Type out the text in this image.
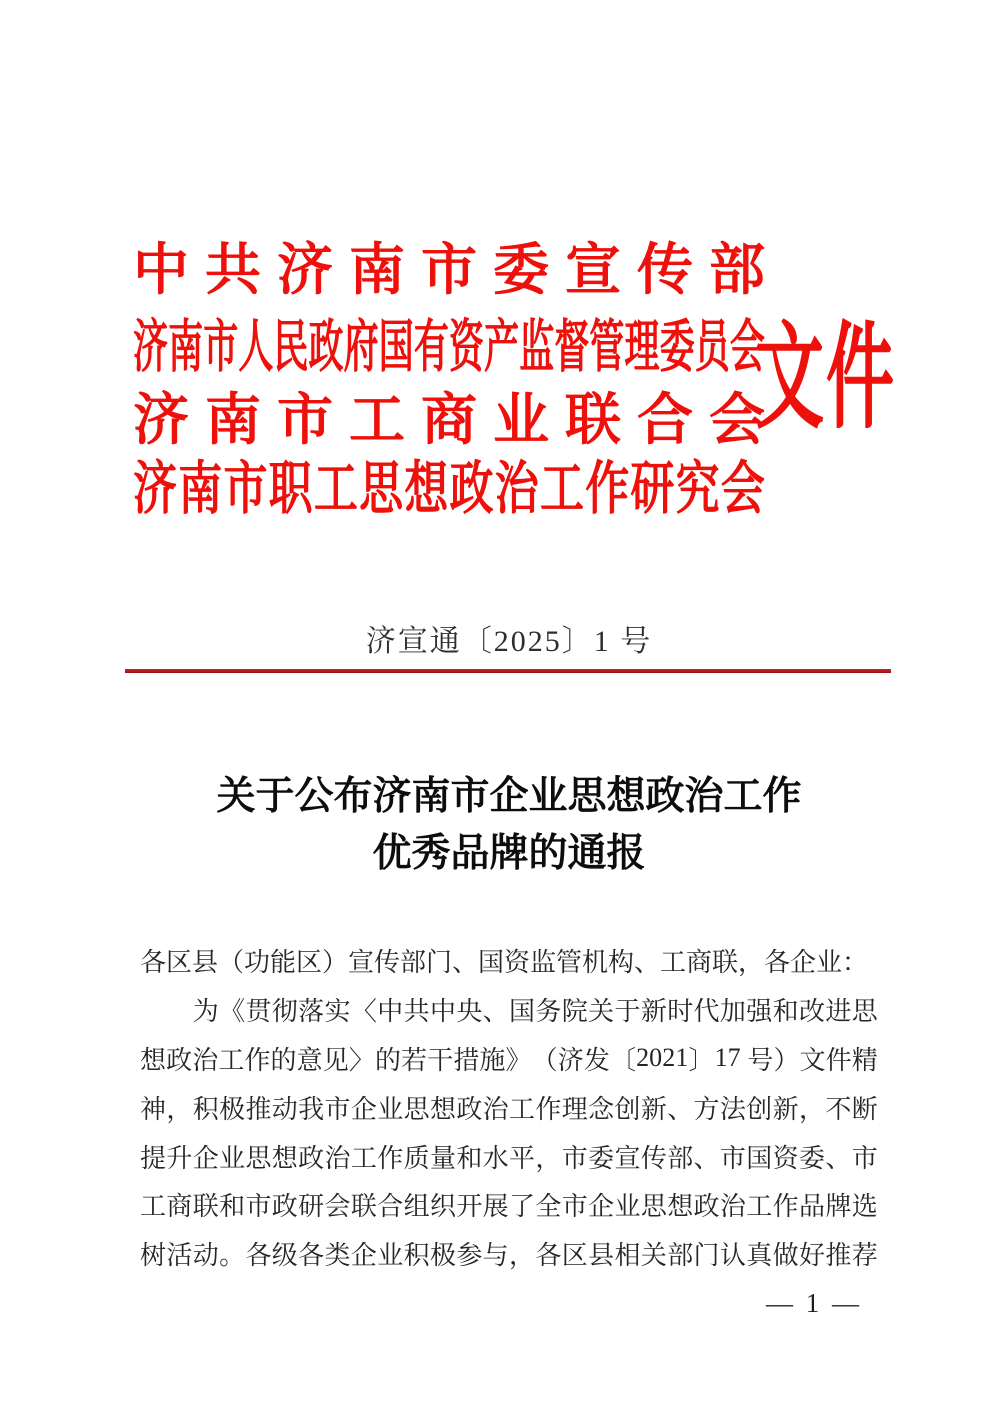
中 共 济 南 市 委 宣 传 部
济 南 市 人 民 政 府 国 有 资 产 监 督 管 理 委 员 会
济 南 市 工 商 业 联 合 会
济 南 市 职 工 思 想 政 治 工 作 研 究 会
文件
济宣通〔2025〕1 号
关于公布济南市企业思想政治工作
优秀品牌的通报
各区县（功能区）宣传部门、国资监管机构、工商联，各企业：

为 《 贯 彻 落 实 〈 中 共 中 央 、 国 务 院 关 于 新 时 代 加 强 和 改 进 思
想 政 治 工 作 的 意 见 〉 的 若 干 措 施 》 （ 济 发 〔 2 0 2 1 〕 1 7
号 ） 文 件 精
神 ， 积 极 推 动 我 市 企 业 思 想 政 治 工 作 理 念 创 新 、 方 法 创 新 ， 不 断
提 升 企 业 思 想 政 治 工 作 质 量 和 水 平 ， 市 委 宣 传 部 、 市 国 资 委 、 市
工 商 联 和 市 政 研 会 联 合 组 织 开 展 了 全 市 企 业 思 想 政 治 工 作 品 牌 选
树 活 动 。 各 级 各 类 企 业 积 极 参 与 ， 各 区 县 相 关 部 门 认 真 做 好 推 荐
— 1 —
